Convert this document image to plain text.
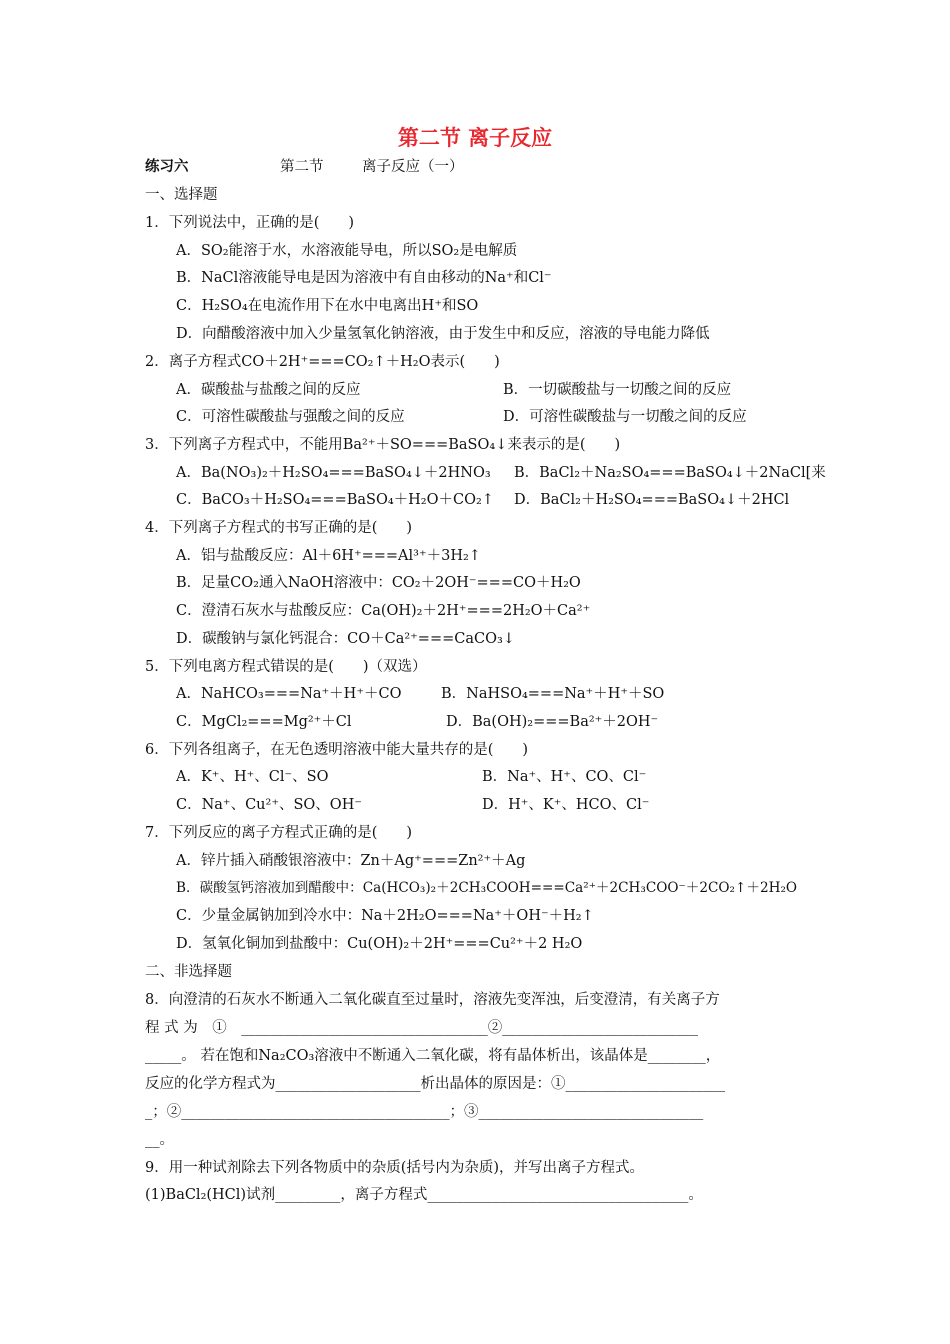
第二节 离子反应
练习六	第二节	离子反应（一）
一、选择题
1．下列说法中，正确的是(　　)
A．SO₂能溶于水，水溶液能导电，所以SO₂是电解质
B．NaCl溶液能导电是因为溶液中有自由移动的Na⁺和Cl⁻
C．H₂SO₄在电流作用下在水中电离出H⁺和SO
D．向醋酸溶液中加入少量氢氧化钠溶液，由于发生中和反应，溶液的导电能力降低
2．离子方程式CO＋2H⁺===CO₂↑＋H₂O表示(　　)
A．碳酸盐与盐酸之间的反应	B．一切碳酸盐与一切酸之间的反应
C．可溶性碳酸盐与强酸之间的反应	D．可溶性碳酸盐与一切酸之间的反应
3．下列离子方程式中，不能用Ba²⁺＋SO===BaSO₄↓来表示的是(　　)
A．Ba(NO₃)₂＋H₂SO₄===BaSO₄↓＋2HNO₃ B．BaCl₂＋Na₂SO₄===BaSO₄↓＋2NaCl[来
C．BaCO₃＋H₂SO₄===BaSO₄＋H₂O＋CO₂↑ D．BaCl₂＋H₂SO₄===BaSO₄↓＋2HCl
4．下列离子方程式的书写正确的是(　　)
A．铝与盐酸反应：Al＋6H⁺===Al³⁺＋3H₂↑
B．足量CO₂通入NaOH溶液中：CO₂＋2OH⁻===CO＋H₂O
C．澄清石灰水与盐酸反应：Ca(OH)₂＋2H⁺===2H₂O＋Ca²⁺
D．碳酸钠与氯化钙混合：CO＋Ca²⁺===CaCO₃↓
5．下列电离方程式错误的是(　　)（双选）
A．NaHCO₃===Na⁺＋H⁺＋CO	B．NaHSO₄===Na⁺＋H⁺＋SO
C．MgCl₂===Mg²⁺＋Cl	D．Ba(OH)₂===Ba²⁺＋2OH⁻
6．下列各组离子，在无色透明溶液中能大量共存的是(　　)
A．K⁺、H⁺、Cl⁻、SO	B．Na⁺、H⁺、CO、Cl⁻
C．Na⁺、Cu²⁺、SO、OH⁻	D．H⁺、K⁺、HCO、Cl⁻
7．下列反应的离子方程式正确的是(　　)
A．锌片插入硝酸银溶液中：Zn＋Ag⁺===Zn²⁺＋Ag
B．碳酸氢钙溶液加到醋酸中：Ca(HCO₃)₂＋2CH₃COOH===Ca²⁺＋2CH₃COO⁻＋2CO₂↑＋2H₂O
C．少量金属钠加到冷水中：Na＋2H₂O===Na⁺＋OH⁻＋H₂↑
D．氢氧化铜加到盐酸中：Cu(OH)₂＋2H⁺===Cu²⁺＋2 H₂O
二、非选择题
8．向澄清的石灰水不断通入二氧化碳直至过量时，溶液先变浑浊，后变澄清，有关离子方
程 式 为　①　__________________________________②___________________________
_____。 若在饱和Na₂CO₃溶液中不断通入二氧化碳，将有晶体析出，该晶体是________，
反应的化学方程式为____________________析出晶体的原因是：①______________________
_；②_____________________________________；③_______________________________
__。
9．用一种试剂除去下列各物质中的杂质(括号内为杂质)，并写出离子方程式。
(1)BaCl₂(HCl)试剂_________，离子方程式____________________________________。
